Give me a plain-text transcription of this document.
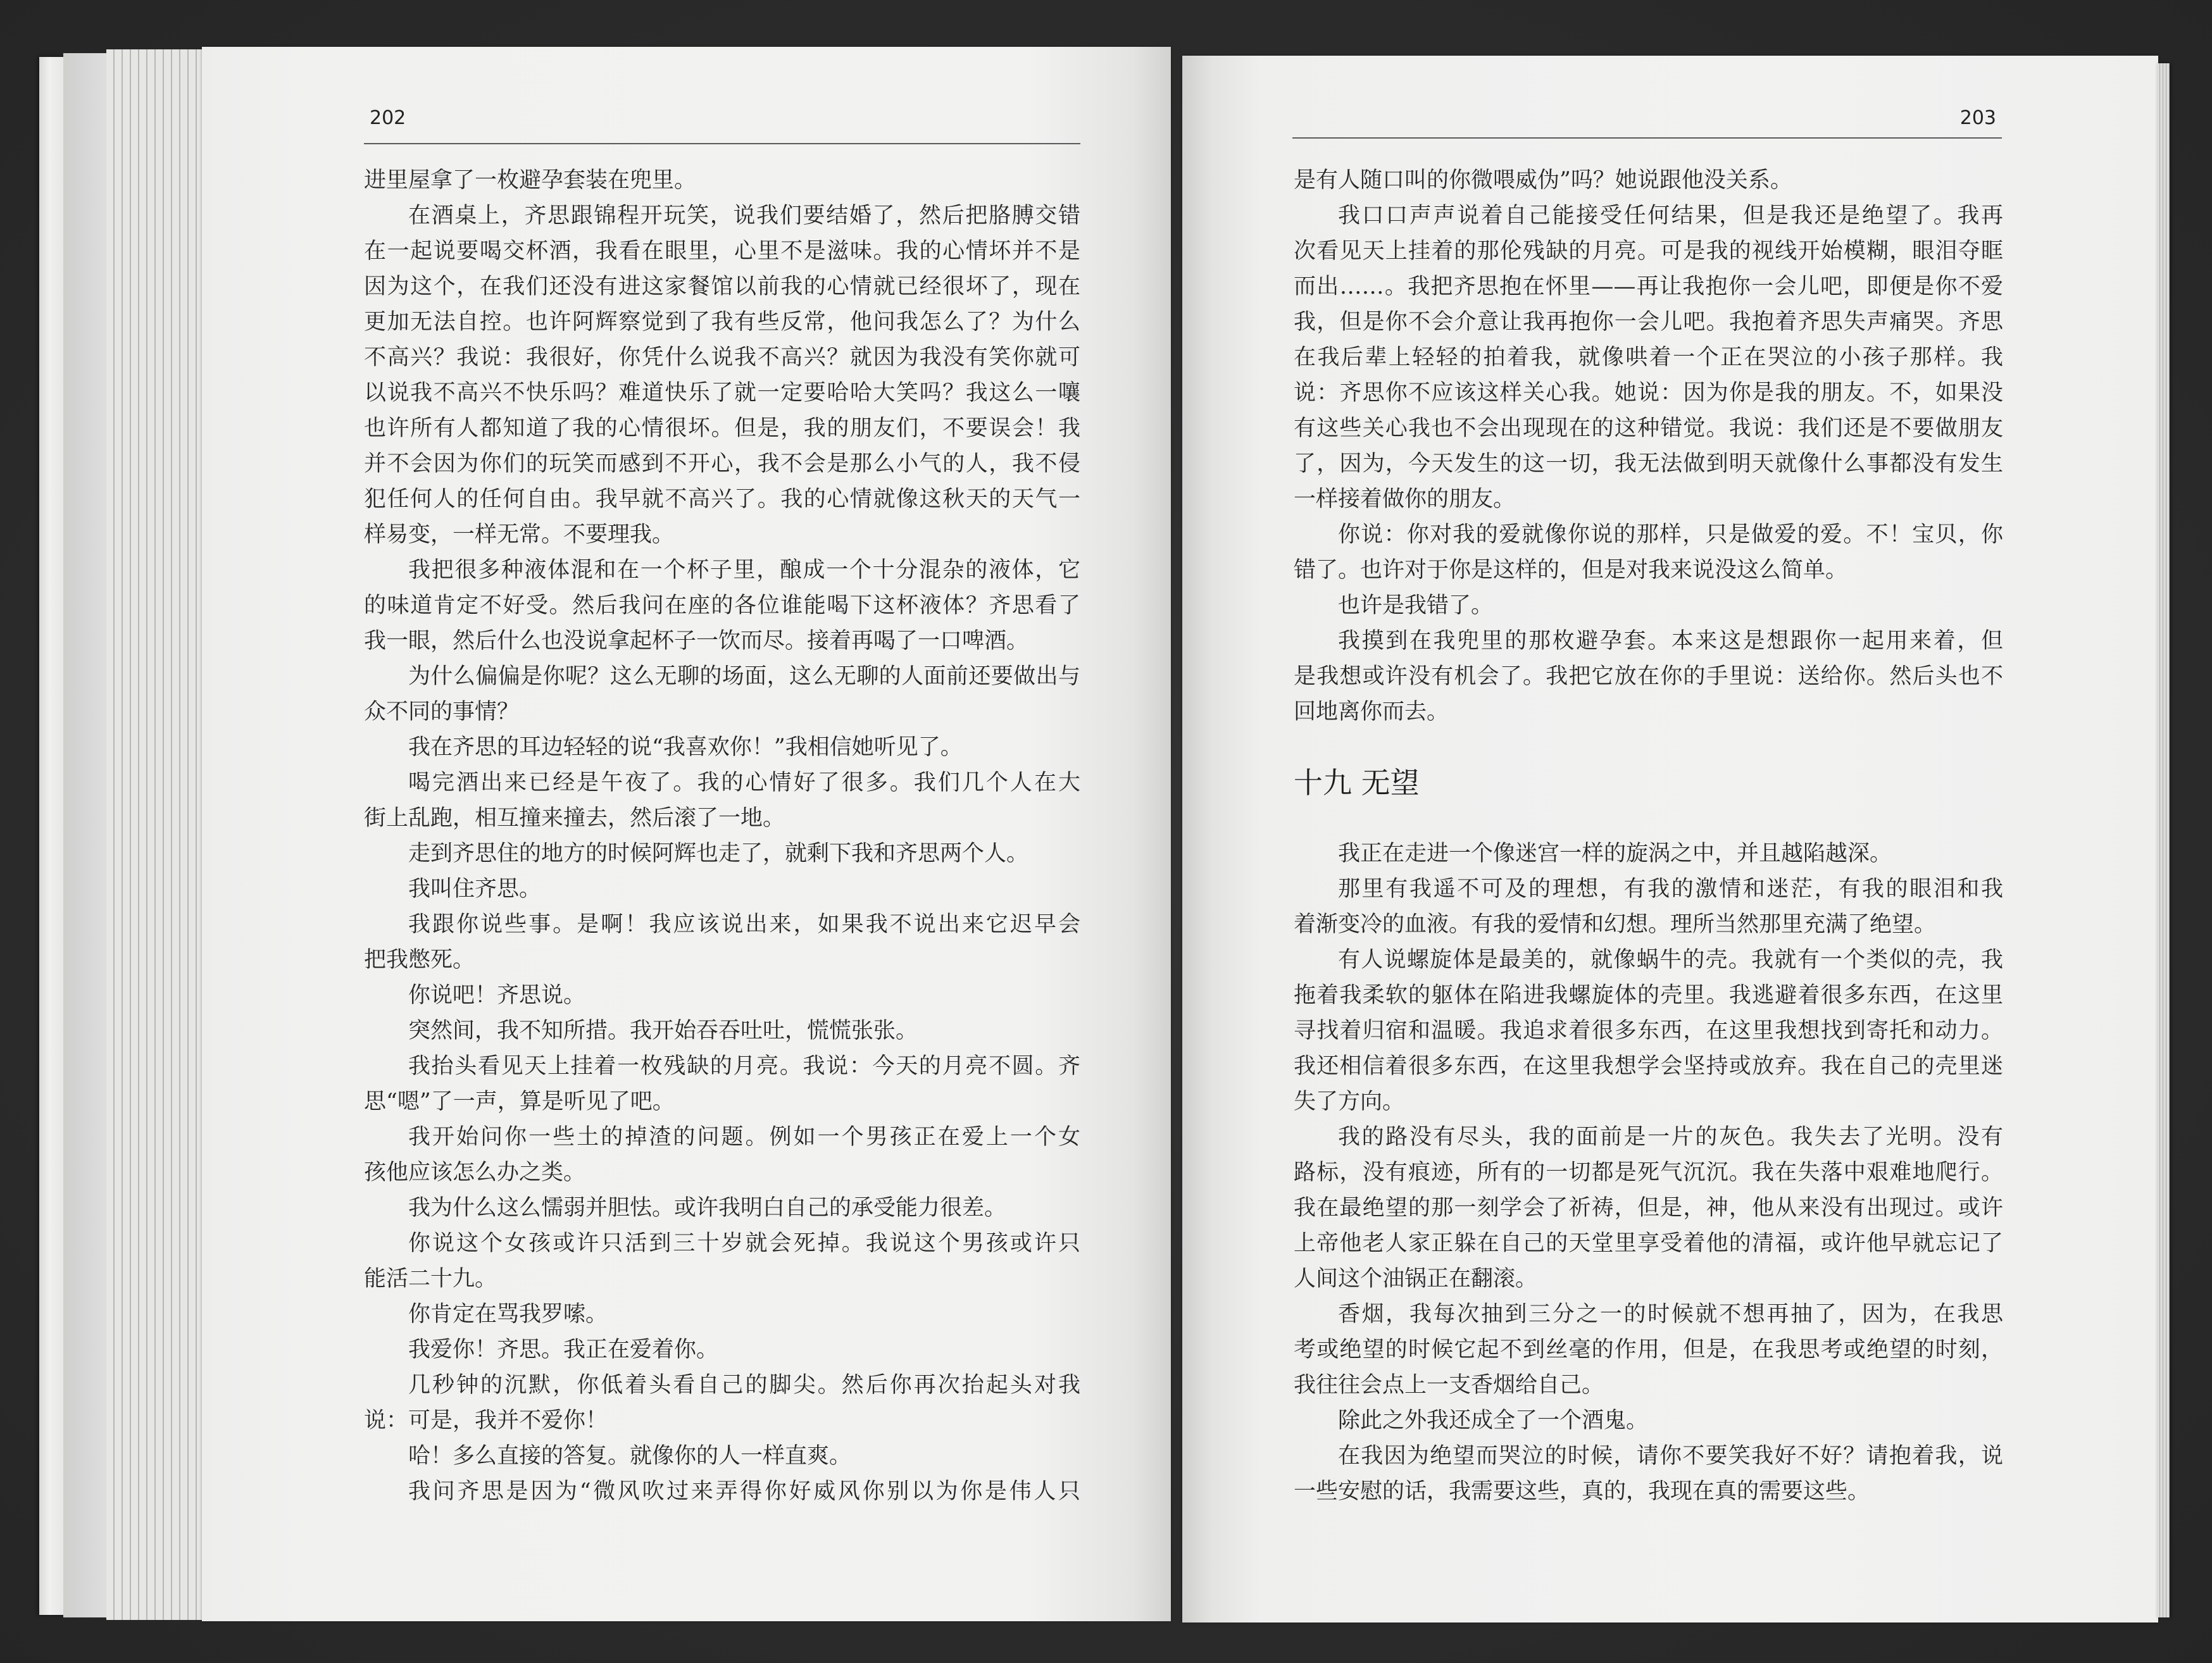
202
进里屋拿了一枚避孕套装在兜里。
在酒桌上，齐思跟锦程开玩笑，说我们要结婚了，然后把胳膊交错
在一起说要喝交杯酒，我看在眼里，心里不是滋味。我的心情坏并不是
因为这个，在我们还没有进这家餐馆以前我的心情就已经很坏了，现在
更加无法自控。也许阿辉察觉到了我有些反常，他问我怎么了？为什么
不高兴？我说：我很好，你凭什么说我不高兴？就因为我没有笑你就可
以说我不高兴不快乐吗？难道快乐了就一定要哈哈大笑吗？我这么一嚷
也许所有人都知道了我的心情很坏。但是，我的朋友们，不要误会！我
并不会因为你们的玩笑而感到不开心，我不会是那么小气的人，我不侵
犯任何人的任何自由。我早就不高兴了。我的心情就像这秋天的天气一
样易变，一样无常。不要理我。
我把很多种液体混和在一个杯子里，酿成一个十分混杂的液体，它
的味道肯定不好受。然后我问在座的各位谁能喝下这杯液体？齐思看了
我一眼，然后什么也没说拿起杯子一饮而尽。接着再喝了一口啤酒。
为什么偏偏是你呢？这么无聊的场面，这么无聊的人面前还要做出与
众不同的事情？
我在齐思的耳边轻轻的说“我喜欢你！”我相信她听见了。
喝完酒出来已经是午夜了。我的心情好了很多。我们几个人在大
街上乱跑，相互撞来撞去，然后滚了一地。
走到齐思住的地方的时候阿辉也走了，就剩下我和齐思两个人。
我叫住齐思。
我跟你说些事。是啊！我应该说出来，如果我不说出来它迟早会
把我憋死。
你说吧！齐思说。
突然间，我不知所措。我开始吞吞吐吐，慌慌张张。
我抬头看见天上挂着一枚残缺的月亮。我说：今天的月亮不圆。齐
思“嗯”了一声，算是听见了吧。
我开始问你一些土的掉渣的问题。例如一个男孩正在爱上一个女
孩他应该怎么办之类。
我为什么这么懦弱并胆怯。或许我明白自己的承受能力很差。
你说这个女孩或许只活到三十岁就会死掉。我说这个男孩或许只
能活二十九。
你肯定在骂我罗嗦。
我爱你！齐思。我正在爱着你。
几秒钟的沉默，你低着头看自己的脚尖。然后你再次抬起头对我
说：可是，我并不爱你！
哈！多么直接的答复。就像你的人一样直爽。
我问齐思是因为“微风吹过来弄得你好威风你别以为你是伟人只
203
是有人随口叫的你微喂威伪”吗？她说跟他没关系。
我口口声声说着自己能接受任何结果，但是我还是绝望了。我再
次看见天上挂着的那伦残缺的月亮。可是我的视线开始模糊，眼泪夺眶
而出……。我把齐思抱在怀里——再让我抱你一会儿吧，即便是你不爱
我，但是你不会介意让我再抱你一会儿吧。我抱着齐思失声痛哭。齐思
在我后辈上轻轻的拍着我，就像哄着一个正在哭泣的小孩子那样。我
说：齐思你不应该这样关心我。她说：因为你是我的朋友。不，如果没
有这些关心我也不会出现现在的这种错觉。我说：我们还是不要做朋友
了，因为，今天发生的这一切，我无法做到明天就像什么事都没有发生
一样接着做你的朋友。
你说：你对我的爱就像你说的那样，只是做爱的爱。不！宝贝，你
错了。也许对于你是这样的，但是对我来说没这么简单。
也许是我错了。
我摸到在我兜里的那枚避孕套。本来这是想跟你一起用来着，但
是我想或许没有机会了。我把它放在你的手里说：送给你。然后头也不
回地离你而去。
十九 无望
我正在走进一个像迷宫一样的旋涡之中，并且越陷越深。
那里有我遥不可及的理想，有我的激情和迷茫，有我的眼泪和我
着渐变冷的血液。有我的爱情和幻想。理所当然那里充满了绝望。
有人说螺旋体是最美的，就像蜗牛的壳。我就有一个类似的壳，我
拖着我柔软的躯体在陷进我螺旋体的壳里。我逃避着很多东西，在这里
寻找着归宿和温暖。我追求着很多东西，在这里我想找到寄托和动力。
我还相信着很多东西，在这里我想学会坚持或放弃。我在自己的壳里迷
失了方向。
我的路没有尽头，我的面前是一片的灰色。我失去了光明。没有
路标，没有痕迹，所有的一切都是死气沉沉。我在失落中艰难地爬行。
我在最绝望的那一刻学会了祈祷，但是，神，他从来没有出现过。或许
上帝他老人家正躲在自己的天堂里享受着他的清福，或许他早就忘记了
人间这个油锅正在翻滚。
香烟，我每次抽到三分之一的时候就不想再抽了，因为，在我思
考或绝望的时候它起不到丝毫的作用，但是，在我思考或绝望的时刻，
我往往会点上一支香烟给自己。
除此之外我还成全了一个酒鬼。
在我因为绝望而哭泣的时候，请你不要笑我好不好？请抱着我，说
一些安慰的话，我需要这些，真的，我现在真的需要这些。
